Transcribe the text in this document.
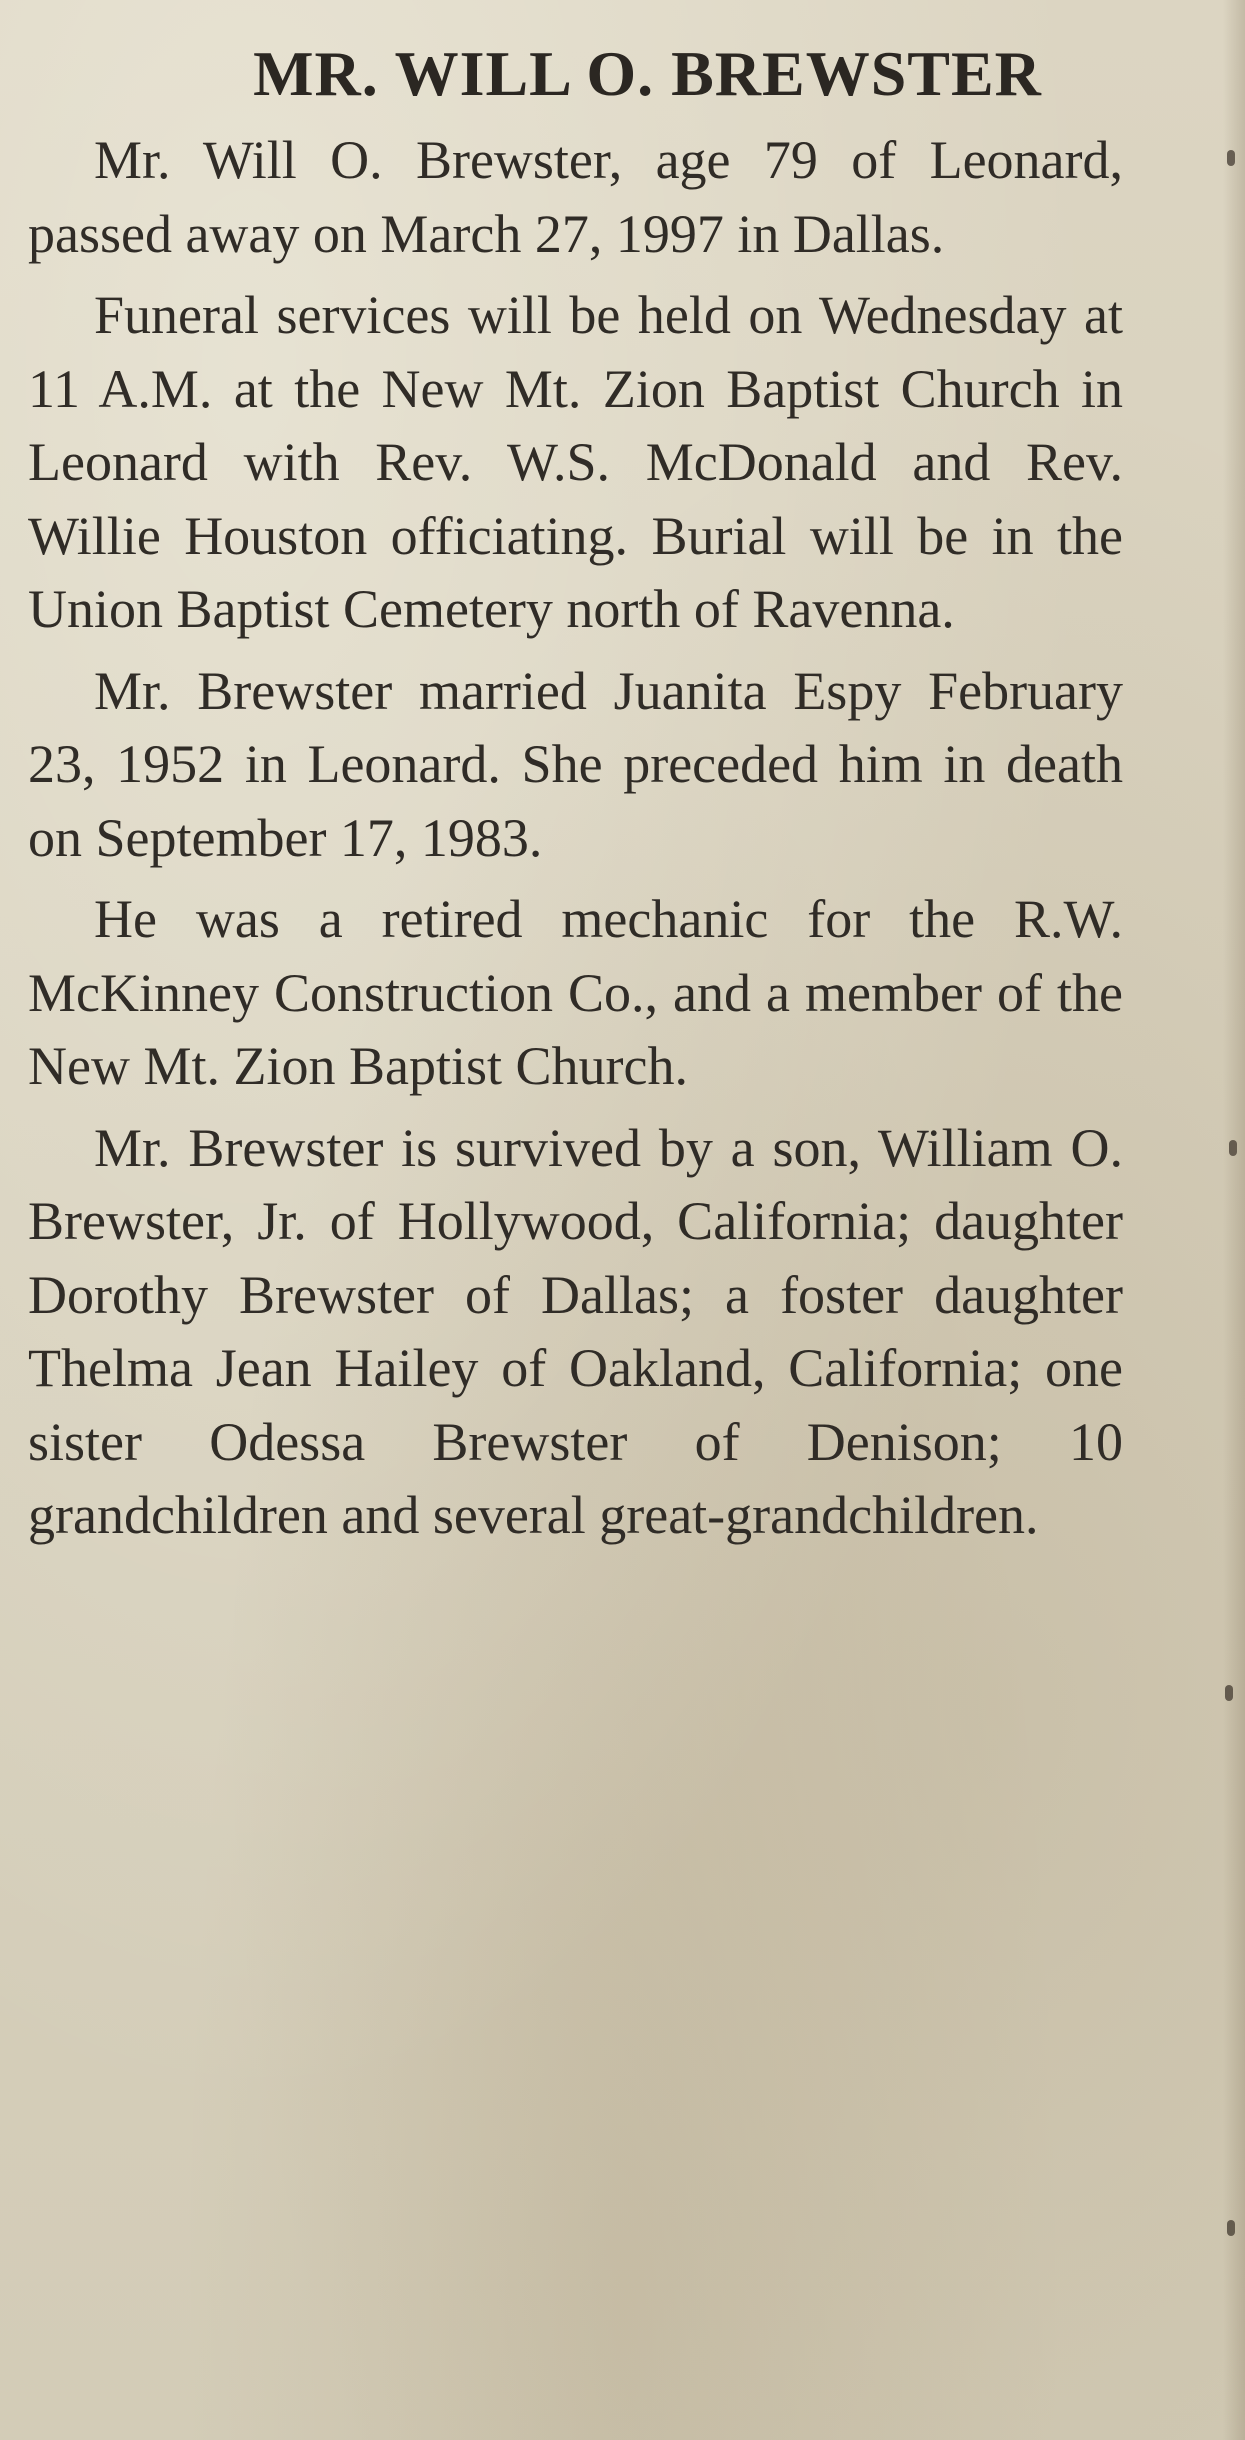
MR. WILL O. BREWSTER

Mr. Will O. Brewster, age 79 of Leonard, passed away on March 27, 1997 in Dallas.

Funeral services will be held on Wednesday at 11 A.M. at the New Mt. Zion Baptist Church in Leonard with Rev. W.S. McDonald and Rev. Willie Houston officiating. Burial will be in the Union Baptist Cemetery north of Ravenna.

Mr. Brewster married Juanita Espy February 23, 1952 in Leonard. She preceded him in death on September 17, 1983.

He was a retired mechanic for the R.W. McKinney Construction Co., and a member of the New Mt. Zion Baptist Church.

Mr. Brewster is survived by a son, William O. Brewster, Jr. of Hollywood, California; daughter Dorothy Brewster of Dallas; a foster daughter Thelma Jean Hailey of Oakland, California; one sister Odessa Brewster of Denison; 10 grandchildren and several great-grandchildren.
